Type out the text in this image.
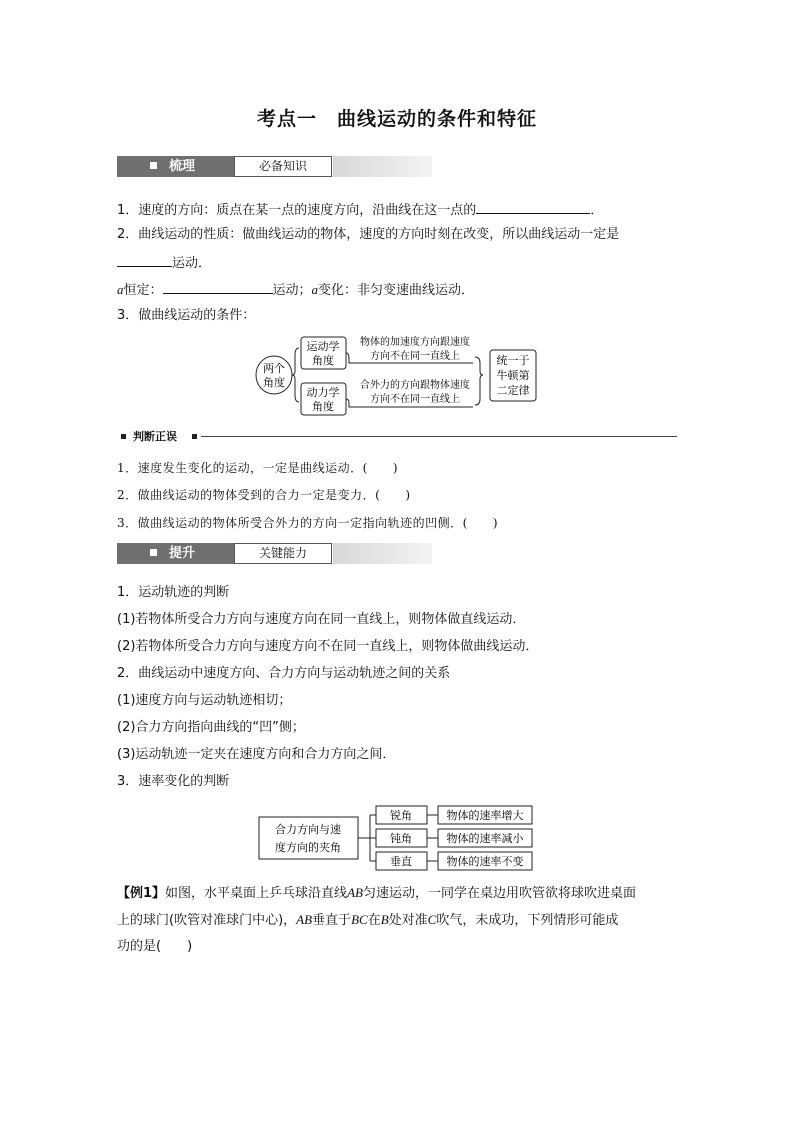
考点一　曲线运动的条件和特征
梳理	必备知识
1．速度的方向：质点在某一点的速度方向，沿曲线在这一点的	．
2．曲线运动的性质：做曲线运动的物体，速度的方向时刻在改变，所以曲线运动一定是
运动．
a恒定：	运动；a变化：非匀变速曲线运动．
3．做曲线运动的条件：
两个
角度
运动学
角度
动力学
角度
物体的加速度方向跟速度
方向不在同一直线上
合外力的方向跟物体速度
方向不在同一直线上
统一于
牛顿第
二定律
判断正误
1．速度发生变化的运动，一定是曲线运动．(　　)
2．做曲线运动的物体受到的合力一定是变力．(　　)
3．做曲线运动的物体所受合外力的方向一定指向轨迹的凹侧．(　　)
提升	关键能力
1．运动轨迹的判断
(1)若物体所受合力方向与速度方向在同一直线上，则物体做直线运动．
(2)若物体所受合力方向与速度方向不在同一直线上，则物体做曲线运动．
2．曲线运动中速度方向、合力方向与运动轨迹之间的关系
(1)速度方向与运动轨迹相切；
(2)合力方向指向曲线的“凹”侧；
(3)运动轨迹一定夹在速度方向和合力方向之间．
3．速率变化的判断
合力方向与速
度方向的夹角
锐角	物体的速率增大
钝角	物体的速率减小
垂直	物体的速率不变
【例1】如图，水平桌面上乒乓球沿直线AB匀速运动，一同学在桌边用吹管欲将球吹进桌面
上的球门(吹管对准球门中心)，AB垂直于BC在B处对准C吹气，未成功，下列情形可能成
功的是(　　)
